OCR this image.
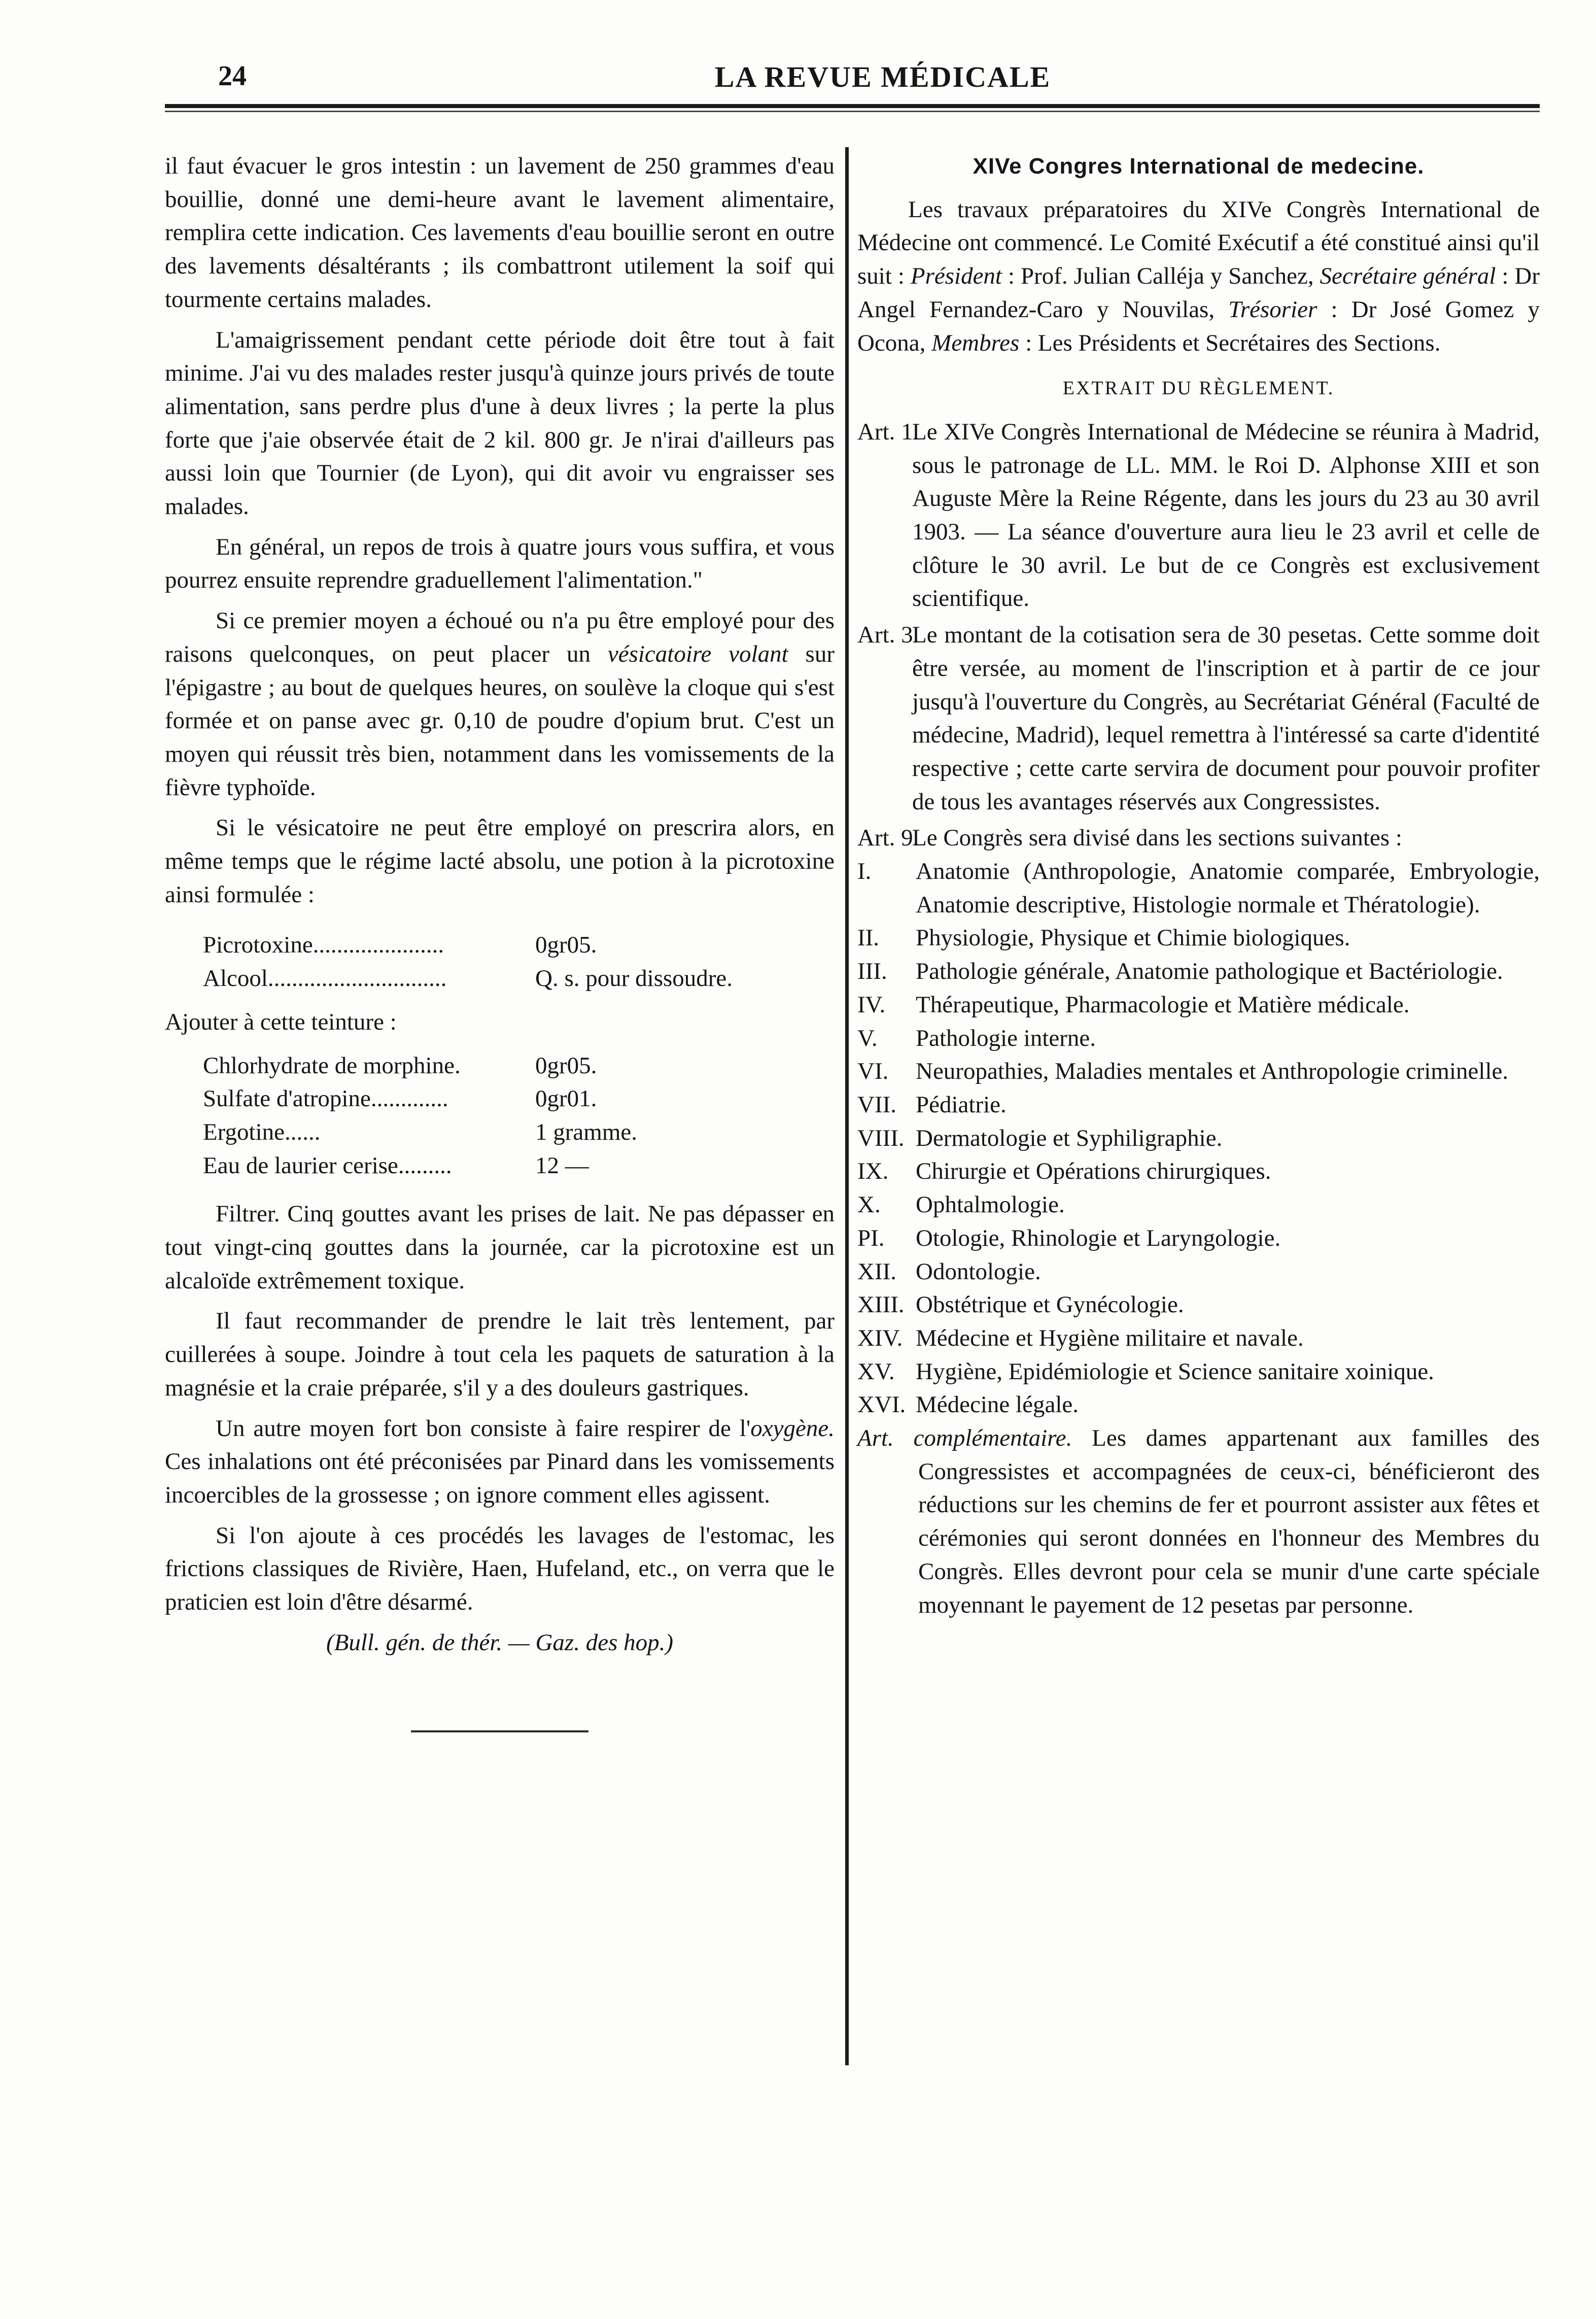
24	LA REVUE MÉDICALE

il faut évacuer le gros intestin : un lavement de 250 grammes d'eau bouillie, donné une demi-heure avant le lavement alimentaire, remplira cette indication. Ces lavements d'eau bouillie seront en outre des lavements désaltérants ; ils combattront utilement la soif qui tourmente certains malades.

L'amaigrissement pendant cette période doit être tout à fait minime. J'ai vu des malades rester jusqu'à quinze jours privés de toute alimentation, sans perdre plus d'une à deux livres ; la perte la plus forte que j'aie observée était de 2 kil. 800 gr. Je n'irai d'ailleurs pas aussi loin que Tournier (de Lyon), qui dit avoir vu engraisser ses malades.

En général, un repos de trois à quatre jours vous suffira, et vous pourrez ensuite reprendre graduellement l'alimentation."

Si ce premier moyen a échoué ou n'a pu être employé pour des raisons quelconques, on peut placer un vésicatoire volant sur l'épigastre ; au bout de quelques heures, on soulève la cloque qui s'est formée et on panse avec gr. 0,10 de poudre d'opium brut. C'est un moyen qui réussit très bien, notamment dans les vomissements de la fièvre typhoïde.

Si le vésicatoire ne peut être employé on prescrira alors, en même temps que le régime lacté absolu, une potion à la picrotoxine ainsi formulée :

Picrotoxine......................	0gr05.
Alcool..............................	Q. s. pour dissoudre.
Ajouter à cette teinture :
Chlorhydrate de morphine.	0gr05.
Sulfate d'atropine.............	0gr01.
Ergotine......	1 gramme.
Eau de laurier cerise.........	12 —

Filtrer. Cinq gouttes avant les prises de lait. Ne pas dépasser en tout vingt-cinq gouttes dans la journée, car la picrotoxine est un alcaloïde extrêmement toxique.

Il faut recommander de prendre le lait très lentement, par cuillerées à soupe. Joindre à tout cela les paquets de saturation à la magnésie et la craie préparée, s'il y a des douleurs gastriques.

Un autre moyen fort bon consiste à faire respirer de l'oxygène. Ces inhalations ont été préconisées par Pinard dans les vomissements incoercibles de la grossesse ; on ignore comment elles agissent.

Si l'on ajoute à ces procédés les lavages de l'estomac, les frictions classiques de Rivière, Haen, Hufeland, etc., on verra que le praticien est loin d'être désarmé.

(Bull. gén. de thér. — Gaz. des hop.)
XIVe Congres International de medecine.

Les travaux préparatoires du XIVe Congrès International de Médecine ont commencé. Le Comité Exécutif a été constitué ainsi qu'il suit : Président : Prof. Julian Calléja y Sanchez, Secrétaire général : Dr Angel Fernandez-Caro y Nouvilas, Trésorier : Dr José Gomez y Ocona, Membres : Les Présidents et Secrétaires des Sections.

EXTRAIT DU RÈGLEMENT.
Art. 1.
Le XIVe Congrès International de Médecine se réunira à Madrid, sous le patronage de LL. MM. le Roi D. Alphonse XIII et son Auguste Mère la Reine Régente, dans les jours du 23 au 30 avril 1903. — La séance d'ouverture aura lieu le 23 avril et celle de clôture le 30 avril. Le but de ce Congrès est exclusivement scientifique.
Art. 3.
Le montant de la cotisation sera de 30 pesetas. Cette somme doit être versée, au moment de l'inscription et à partir de ce jour jusqu'à l'ouverture du Congrès, au Secrétariat Général (Faculté de médecine, Madrid), lequel remettra à l'intéressé sa carte d'identité respective ; cette carte servira de document pour pouvoir profiter de tous les avantages réservés aux Congressistes.
Art. 9.
Le Congrès sera divisé dans les sections suivantes :
I.	Anatomie (Anthropologie, Anatomie comparée, Embryologie, Anatomie descriptive, Histologie normale et Thératologie).
II.	Physiologie, Physique et Chimie biologiques.
III.	Pathologie générale, Anatomie pathologique et Bactériologie.
IV.	Thérapeutique, Pharmacologie et Matière médicale.
V.	Pathologie interne.
VI.	Neuropathies, Maladies mentales et Anthropologie criminelle.
VII. Pédiatrie.
VIII. Dermatologie et Syphiligraphie.
IX.	Chirurgie et Opérations chirurgiques.
X.	Ophtalmologie.
PI.	Otologie, Rhinologie et Laryngologie.
XII. Odontologie.
XIII. Obstétrique et Gynécologie.
XIV. Médecine et Hygiène militaire et navale.
XV. Hygiène, Epidémiologie et Science sanitaire xoinique.
XVI. Médecine légale.

Art. complémentaire. Les dames appartenant aux familles des Congressistes et accompagnées de ceux-ci, bénéficieront des réductions sur les chemins de fer et pourront assister aux fêtes et cérémonies qui seront données en l'honneur des Membres du Congrès. Elles devront pour cela se munir d'une carte spéciale moyennant le payement de 12 pesetas par personne.
